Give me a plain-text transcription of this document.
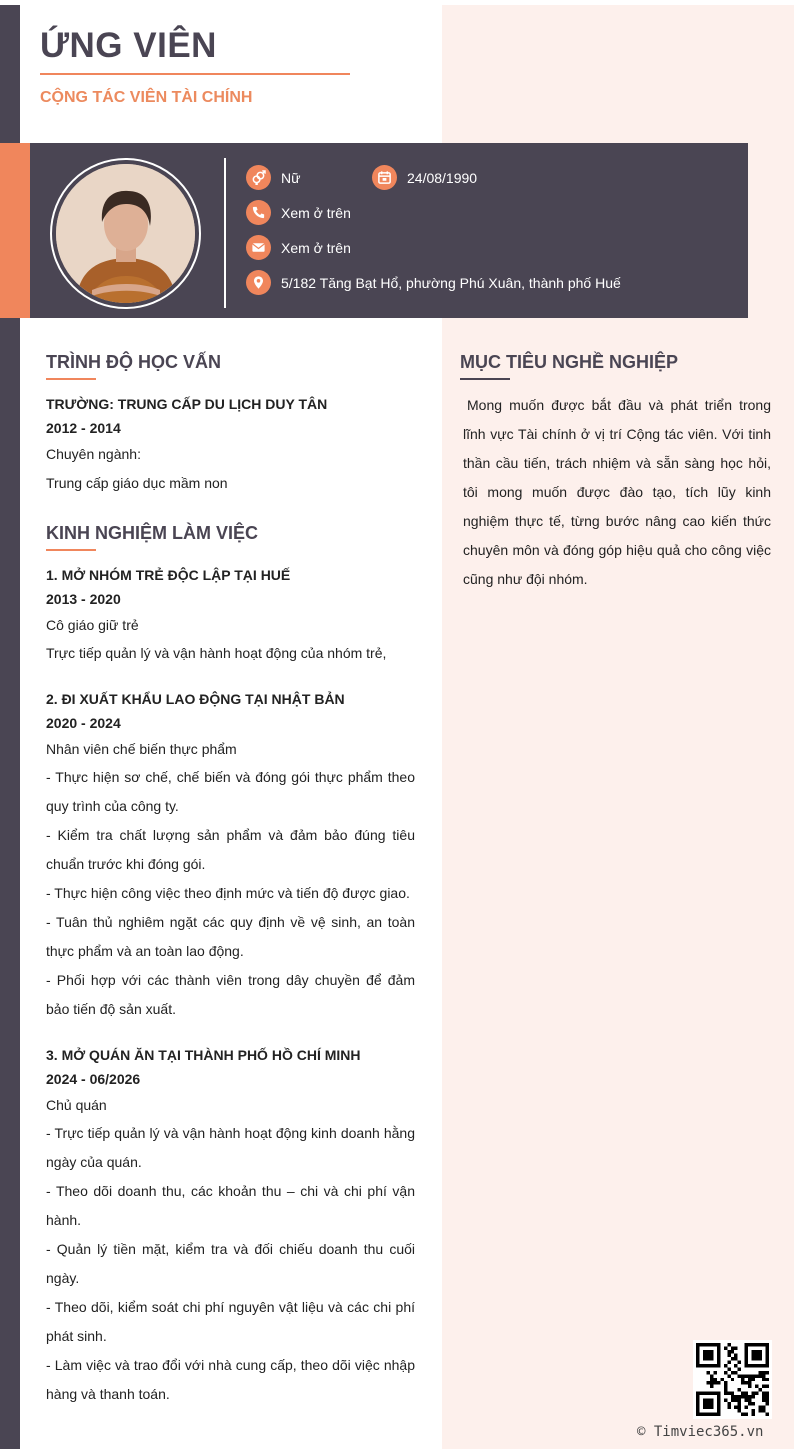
ỨNG VIÊN
CỘNG TÁC VIÊN TÀI CHÍNH
Nữ	24/08/1990
Xem ở trên
Xem ở trên
5/182 Tăng Bạt Hổ, phường Phú Xuân, thành phố Huế
TRÌNH ĐỘ HỌC VẤN
TRƯỜNG: TRUNG CẤP DU LỊCH DUY TÂN
2012 - 2014
Chuyên ngành:
Trung cấp giáo dục mầm non
KINH NGHIỆM LÀM VIỆC
1. MỞ NHÓM TRẺ ĐỘC LẬP TẠI HUẾ
2013 - 2020
Cô giáo giữ trẻ
Trực tiếp quản lý và vận hành hoạt động của nhóm trẻ,
2. ĐI XUẤT KHẨU LAO ĐỘNG TẠI NHẬT BẢN
2020 - 2024
Nhân viên chế biến thực phẩm
- Thực hiện sơ chế, chế biến và đóng gói thực phẩm theo quy trình của công ty.
- Kiểm tra chất lượng sản phẩm và đảm bảo đúng tiêu chuẩn trước khi đóng gói.
- Thực hiện công việc theo định mức và tiến độ được giao.
- Tuân thủ nghiêm ngặt các quy định về vệ sinh, an toàn thực phẩm và an toàn lao động.
- Phối hợp với các thành viên trong dây chuyền để đảm bảo tiến độ sản xuất.
3. MỞ QUÁN ĂN TẠI THÀNH PHỐ HỒ CHÍ MINH
2024 - 06/2026
Chủ quán
- Trực tiếp quản lý và vận hành hoạt động kinh doanh hằng ngày của quán.
- Theo dõi doanh thu, các khoản thu – chi và chi phí vận hành.
- Quản lý tiền mặt, kiểm tra và đối chiếu doanh thu cuối ngày.
- Theo dõi, kiểm soát chi phí nguyên vật liệu và các chi phí phát sinh.
- Làm việc và trao đổi với nhà cung cấp, theo dõi việc nhập hàng và thanh toán.
MỤC TIÊU NGHỀ NGHIỆP
Mong muốn được bắt đầu và phát triển trong lĩnh vực Tài chính ở vị trí Cộng tác viên. Với tinh thần cầu tiến, trách nhiệm và sẵn sàng học hỏi, tôi mong muốn được đào tạo, tích lũy kinh nghiệm thực tế, từng bước nâng cao kiến thức chuyên môn và đóng góp hiệu quả cho công việc cũng như đội nhóm.
© Timviec365.vn
